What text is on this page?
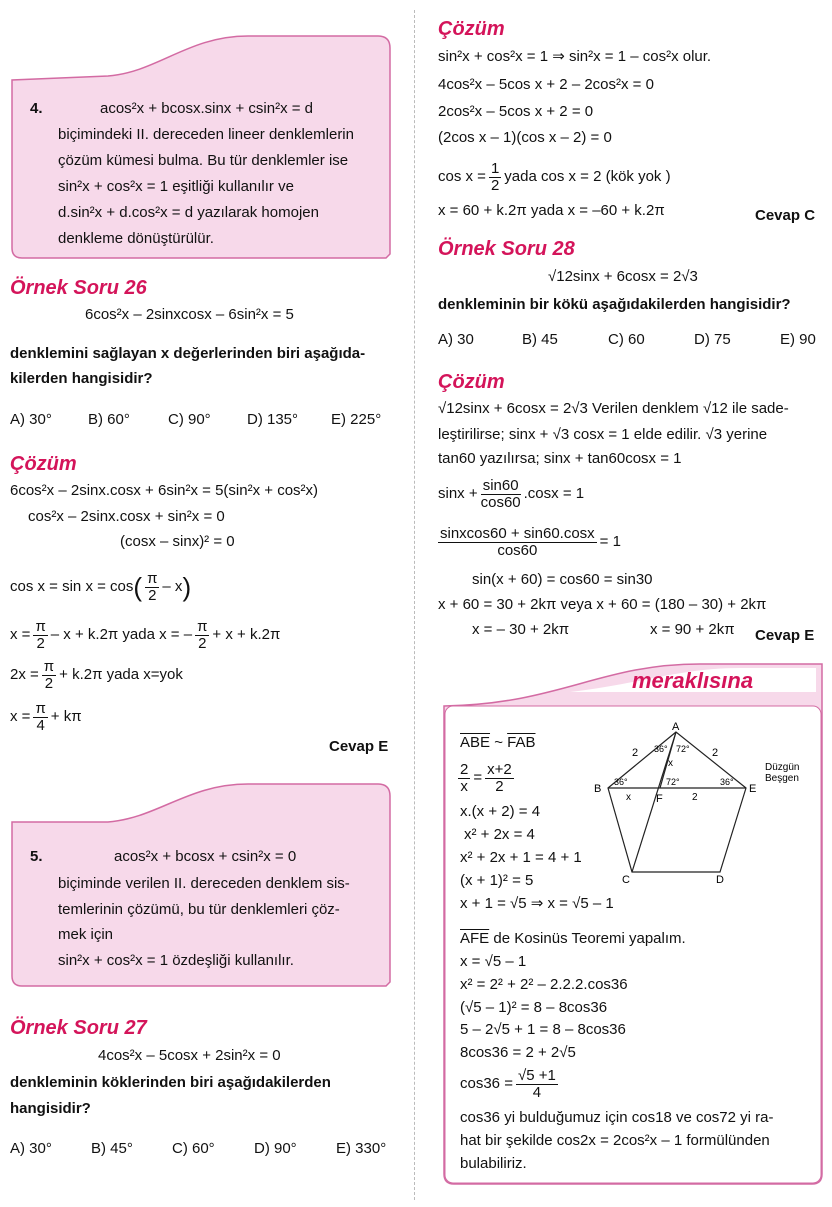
4.	acos²x + bcosx.sinx + csin²x = d
biçimindeki II. dereceden lineer denklemlerin
çözüm kümesi bulma. Bu tür denklemler ise
sin²x + cos²x = 1 eşitliği kullanılır ve
d.sin²x + d.cos²x = d yazılarak homojen
denkleme dönüştürülür.
Örnek Soru 26
6cos²x – 2sinxcosx – 6sin²x = 5
denklemini sağlayan x değerlerinden biri aşağıda-
kilerden hangisidir?
A) 30° B) 60°	C) 90° D) 135° E) 225°
Çözüm
6cos²x – 2sinx.cosx + 6sin²x = 5(sin²x + cos²x)
cos²x – 2sinx.cosx + sin²x = 0
(cosx – sinx)² = 0
$\cos x = \sin x = \cos( \frac{\pi}{2} - x)$
$x = \frac{\pi}{2} - x + k.2\pi$ yada x = – $\frac{\pi}{2} + x + k.2\pi$
$2x = \frac{\pi}{2} + k.2\pi$ yada x=yok
$x = \frac{\pi}{4} + k\pi$
Cevap E
5.	acos²x + bcosx + csin²x = 0
biçiminde verilen II. dereceden denklem sis-
temlerinin çözümü, bu tür denklemleri çöz-
mek için
sin²x + cos²x = 1 özdeşliği kullanılır.
Örnek Soru 27
4cos²x – 5cosx + 2sin²x = 0
denkleminin köklerinden biri aşağıdakilerden
hangisidir?
A) 30°	B) 45°	C) 60°	D) 90°	E) 330°
Çözüm
sin²x + cos²x = 1 ⇒ sin²x = 1 – cos²x olur.
4cos²x – 5cos x + 2 – 2cos²x = 0
2cos²x – 5cos x + 2 = 0
(2cos x – 1)(cos x – 2) = 0
$\cos x = \frac{1}{2}$ yada cos x = 2 (kök yok )
x = 60 + k.2π yada x = –60 + k.2π	Cevap C
Örnek Soru 28
√12sinx + 6cosx = 2√3
denkleminin bir kökü aşağıdakilerden hangisidir?
A) 30	B) 45	C) 60	D) 75	E) 90
Çözüm
√12sinx + 6cosx = 2√3 Verilen denklem √12 ile sade-
leştirilirse; sinx + √3 cosx = 1 elde edilir. √3 yerine
tan60 yazılırsa; sinx + tan60cosx = 1
$\sin x + \frac{\sin 60}{\cos 60} .\cos x = 1$
$\frac{\text{sinxcos60 + sin60.cosx}}{\cos 60} = 1$
sin(x + 60) = cos60 = sin30
x + 60 = 30 + 2kπ veya x + 60 = (180 – 30) + 2kπ
x = – 30 + 2kπ	x = 90 + 2kπ Cevap E
meraklısına
$\overline{ABE}$ ~ $\overline{FAB}$
$\frac{2}{x} = \frac{x+2}{2}$
x.(x + 2) = 4
x² + 2x = 4
x² + 2x + 1 = 4 + 1
(x + 1)² = 5
x + 1 = √5 ⇒ x = √5 – 1
A
B
C	D
E
F
2	2
x
x	2
36° 72°
36°	72°	36°
Düzgün
Beşgen
$\overline{AFE}$ de Kosinüs Teoremi yapalım.
x = √5 – 1
x² = 2² + 2² – 2.2.2.cos36
(√5 – 1)² = 8 – 8cos36
5 – 2√5 + 1 = 8 – 8cos36
8cos36 = 2 + 2√5
$\cos 36 = \frac{√5 +1}{4}$
cos36 yi bulduğumuz için cos18 ve cos72 yi ra-
hat bir şekilde cos2x = 2cos²x – 1 formülünden
bulabiliriz.
